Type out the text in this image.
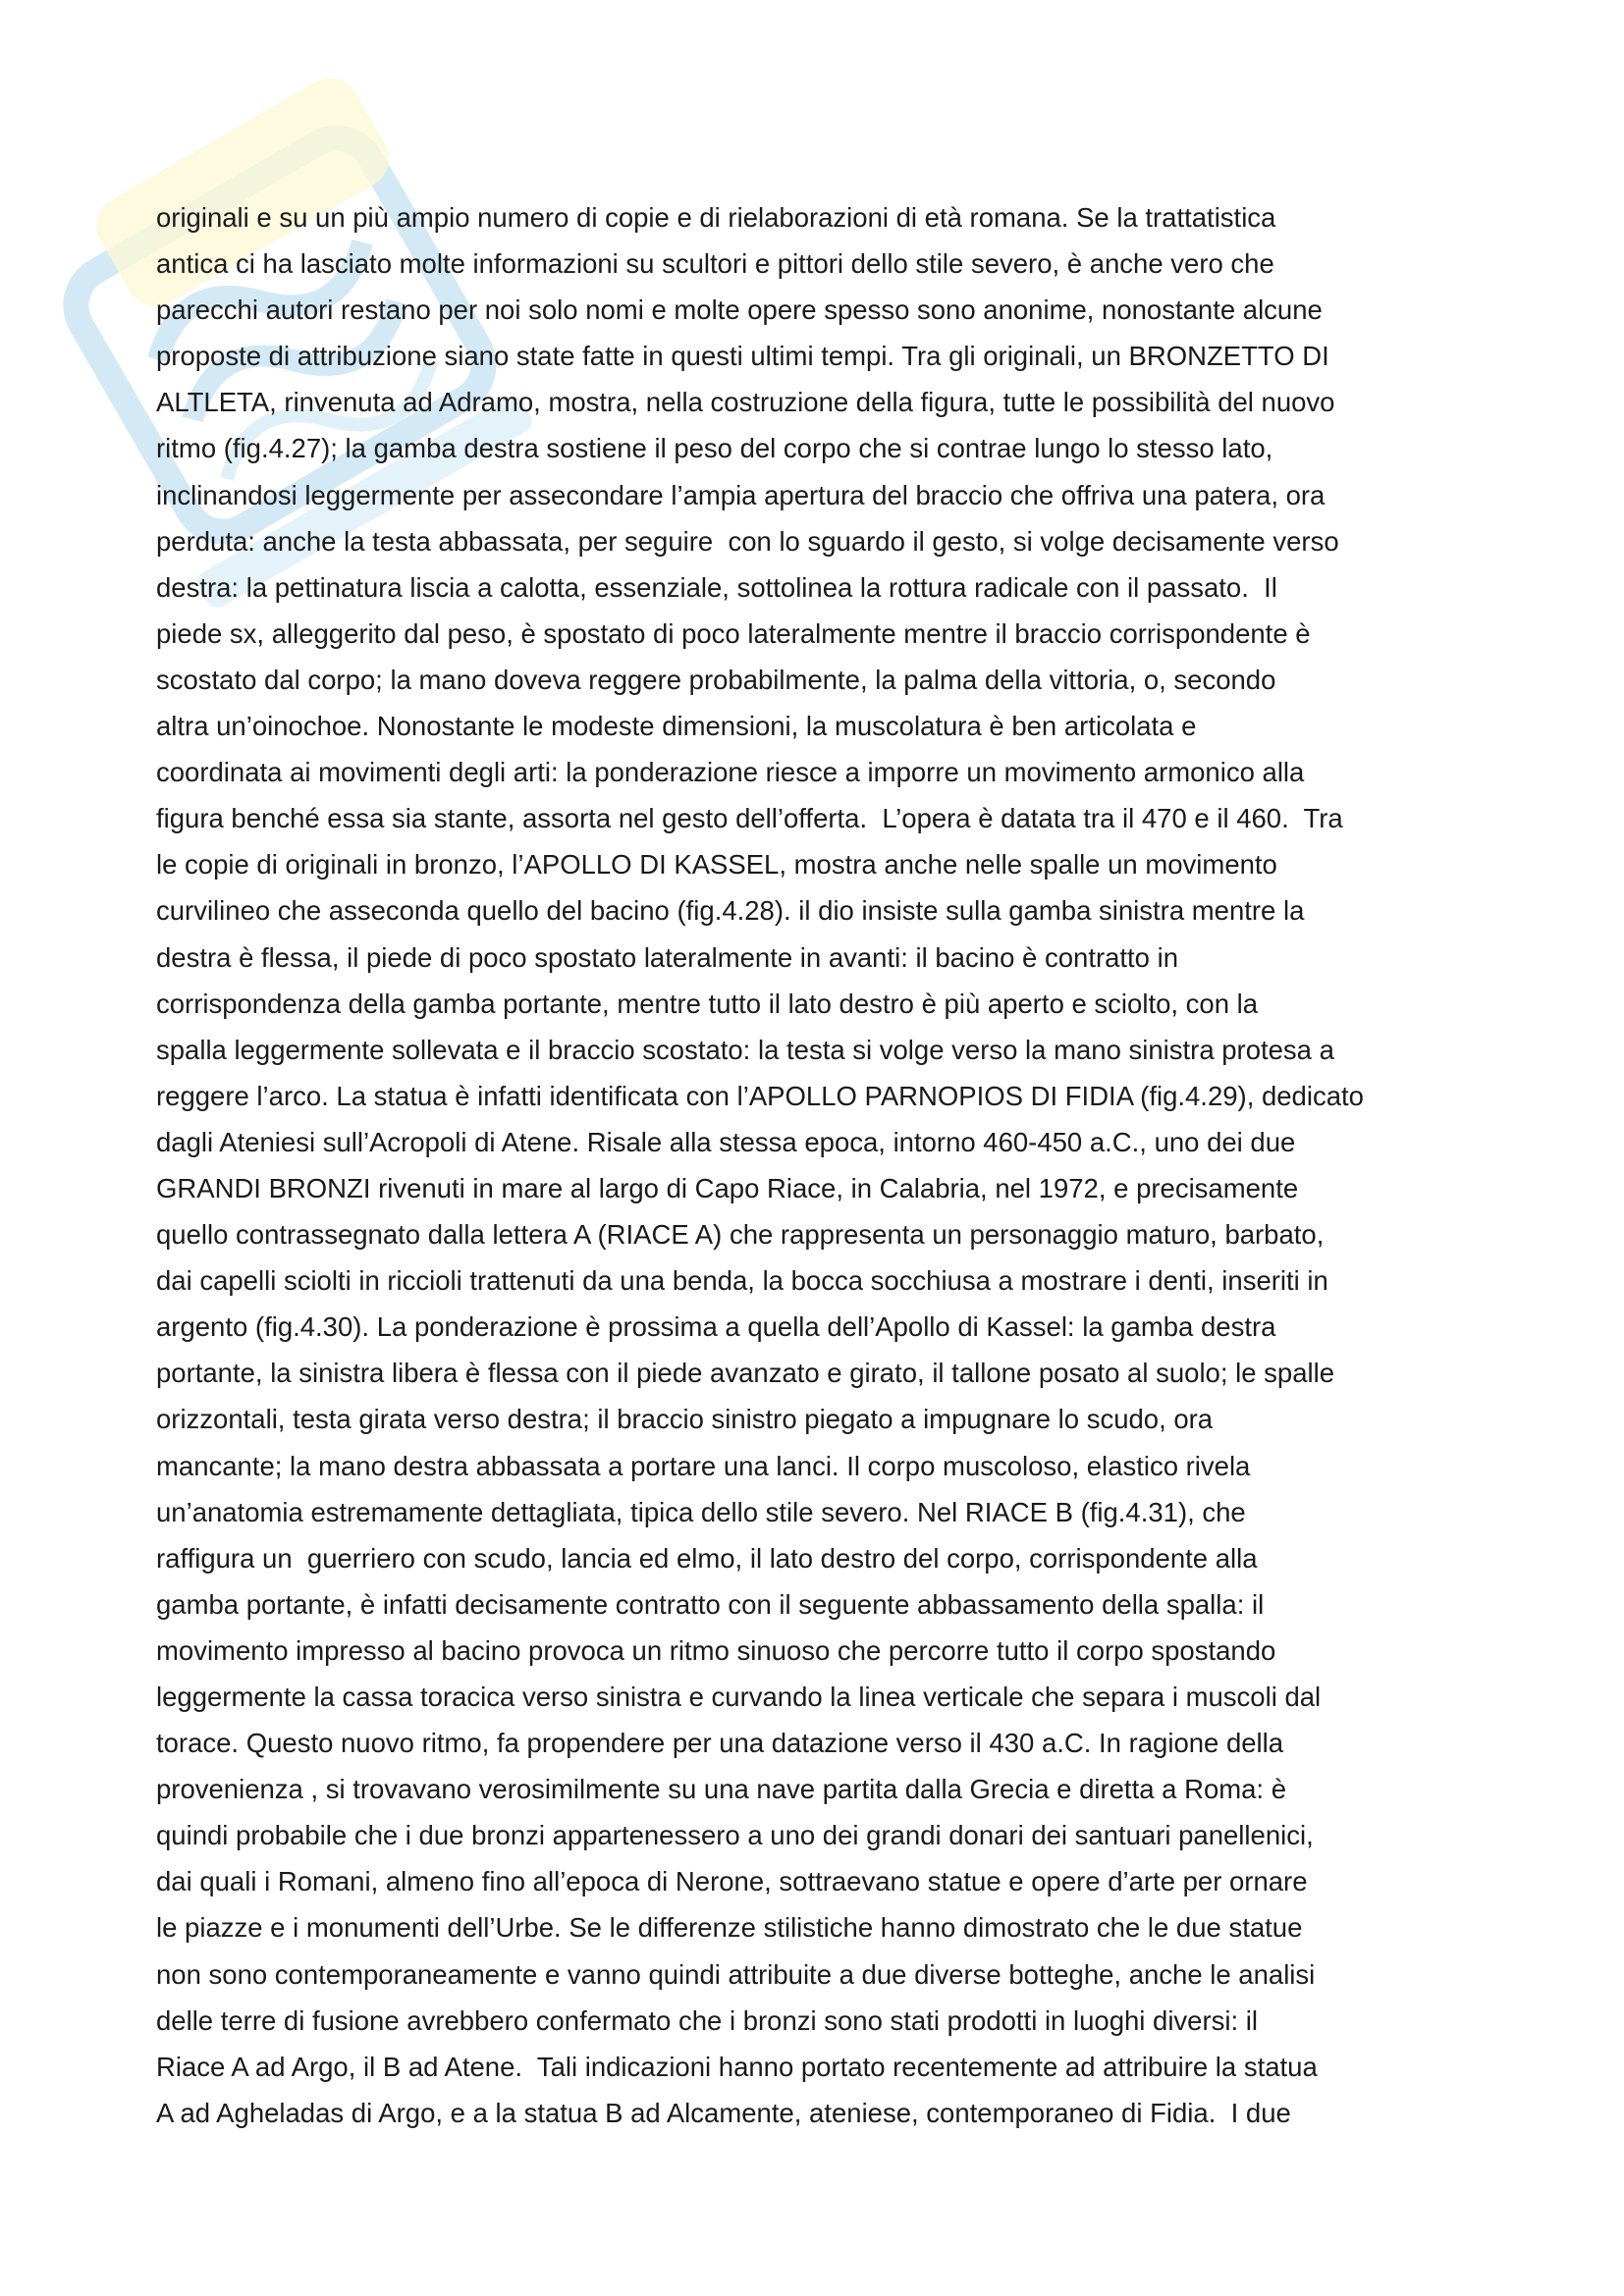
originali e su un più ampio numero di copie e di rielaborazioni di età romana. Se la trattatistica
antica ci ha lasciato molte informazioni su scultori e pittori dello stile severo, è anche vero che
parecchi autori restano per noi solo nomi e molte opere spesso sono anonime, nonostante alcune
proposte di attribuzione siano state fatte in questi ultimi tempi. Tra gli originali, un BRONZETTO DI
ALTLETA, rinvenuta ad Adramo, mostra, nella costruzione della figura, tutte le possibilità del nuovo
ritmo (fig.4.27); la gamba destra sostiene il peso del corpo che si contrae lungo lo stesso lato,
inclinandosi leggermente per assecondare l’ampia apertura del braccio che offriva una patera, ora
perduta: anche la testa abbassata, per seguire  con lo sguardo il gesto, si volge decisamente verso
destra: la pettinatura liscia a calotta, essenziale, sottolinea la rottura radicale con il passato.  Il
piede sx, alleggerito dal peso, è spostato di poco lateralmente mentre il braccio corrispondente è
scostato dal corpo; la mano doveva reggere probabilmente, la palma della vittoria, o, secondo
altra un’oinochoe. Nonostante le modeste dimensioni, la muscolatura è ben articolata e
coordinata ai movimenti degli arti: la ponderazione riesce a imporre un movimento armonico alla
figura benché essa sia stante, assorta nel gesto dell’offerta.  L’opera è datata tra il 470 e il 460.  Tra
le copie di originali in bronzo, l’APOLLO DI KASSEL, mostra anche nelle spalle un movimento
curvilineo che asseconda quello del bacino (fig.4.28). il dio insiste sulla gamba sinistra mentre la
destra è flessa, il piede di poco spostato lateralmente in avanti: il bacino è contratto in
corrispondenza della gamba portante, mentre tutto il lato destro è più aperto e sciolto, con la
spalla leggermente sollevata e il braccio scostato: la testa si volge verso la mano sinistra protesa a
reggere l’arco. La statua è infatti identificata con l’APOLLO PARNOPIOS DI FIDIA (fig.4.29), dedicato
dagli Ateniesi sull’Acropoli di Atene. Risale alla stessa epoca, intorno 460-450 a.C., uno dei due
GRANDI BRONZI rivenuti in mare al largo di Capo Riace, in Calabria, nel 1972, e precisamente
quello contrassegnato dalla lettera A (RIACE A) che rappresenta un personaggio maturo, barbato,
dai capelli sciolti in riccioli trattenuti da una benda, la bocca socchiusa a mostrare i denti, inseriti in
argento (fig.4.30). La ponderazione è prossima a quella dell’Apollo di Kassel: la gamba destra
portante, la sinistra libera è flessa con il piede avanzato e girato, il tallone posato al suolo; le spalle
orizzontali, testa girata verso destra; il braccio sinistro piegato a impugnare lo scudo, ora
mancante; la mano destra abbassata a portare una lanci. Il corpo muscoloso, elastico rivela
un’anatomia estremamente dettagliata, tipica dello stile severo. Nel RIACE B (fig.4.31), che
raffigura un  guerriero con scudo, lancia ed elmo, il lato destro del corpo, corrispondente alla
gamba portante, è infatti decisamente contratto con il seguente abbassamento della spalla: il
movimento impresso al bacino provoca un ritmo sinuoso che percorre tutto il corpo spostando
leggermente la cassa toracica verso sinistra e curvando la linea verticale che separa i muscoli dal
torace. Questo nuovo ritmo, fa propendere per una datazione verso il 430 a.C. In ragione della
provenienza , si trovavano verosimilmente su una nave partita dalla Grecia e diretta a Roma: è
quindi probabile che i due bronzi appartenessero a uno dei grandi donari dei santuari panellenici,
dai quali i Romani, almeno fino all’epoca di Nerone, sottraevano statue e opere d’arte per ornare
le piazze e i monumenti dell’Urbe. Se le differenze stilistiche hanno dimostrato che le due statue
non sono contemporaneamente e vanno quindi attribuite a due diverse botteghe, anche le analisi
delle terre di fusione avrebbero confermato che i bronzi sono stati prodotti in luoghi diversi: il
Riace A ad Argo, il B ad Atene.  Tali indicazioni hanno portato recentemente ad attribuire la statua
A ad Agheladas di Argo, e a la statua B ad Alcamente, ateniese, contemporaneo di Fidia.  I due
